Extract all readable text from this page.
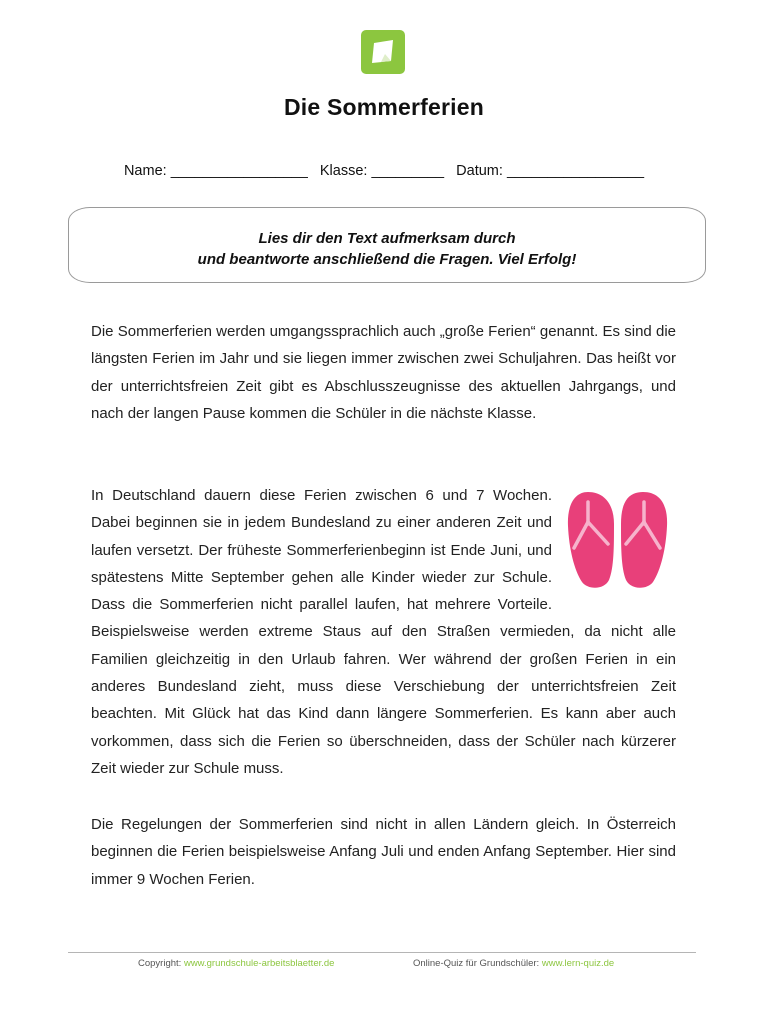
Die Sommerferien
Name: _________________ Klasse: _________ Datum: _________________
Lies dir den Text aufmerksam durch
und beantworte anschließend die Fragen. Viel Erfolg!
Die Sommerferien werden umgangssprachlich auch „große Ferien“ genannt. Es sind die längsten Ferien im Jahr und sie liegen immer zwischen zwei Schuljahren. Das heißt vor der unterrichtsfreien Zeit gibt es Abschlusszeugnisse des aktuellen Jahrgangs, und nach der langen Pause kommen die Schüler in die nächste Klasse.
In Deutschland dauern diese Ferien zwischen 6 und 7 Wochen. Dabei beginnen sie in jedem Bundesland zu einer anderen Zeit und laufen versetzt. Der früheste Sommerferienbeginn ist Ende Juni, und spätestens Mitte September gehen alle Kinder wieder zur Schule. Dass die Sommerferien nicht parallel laufen, hat mehrere Vorteile. Beispielsweise werden extreme Staus auf den Straßen vermieden, da nicht alle Familien gleichzeitig in den Urlaub fahren. Wer während der großen Ferien in ein anderes Bundesland zieht, muss diese Verschiebung der unterrichtsfreien Zeit beachten. Mit Glück hat das Kind dann längere Sommerferien. Es kann aber auch vorkommen, dass sich die Ferien so überschneiden, dass der Schüler nach kürzerer Zeit wieder zur Schule muss.
Die Regelungen der Sommerferien sind nicht in allen Ländern gleich. In Österreich beginnen die Ferien beispielsweise Anfang Juli und enden Anfang September. Hier sind immer 9 Wochen Ferien.
Copyright: www.grundschule-arbeitsblaetter.de	Online-Quiz für Grundschüler: www.lern-quiz.de
